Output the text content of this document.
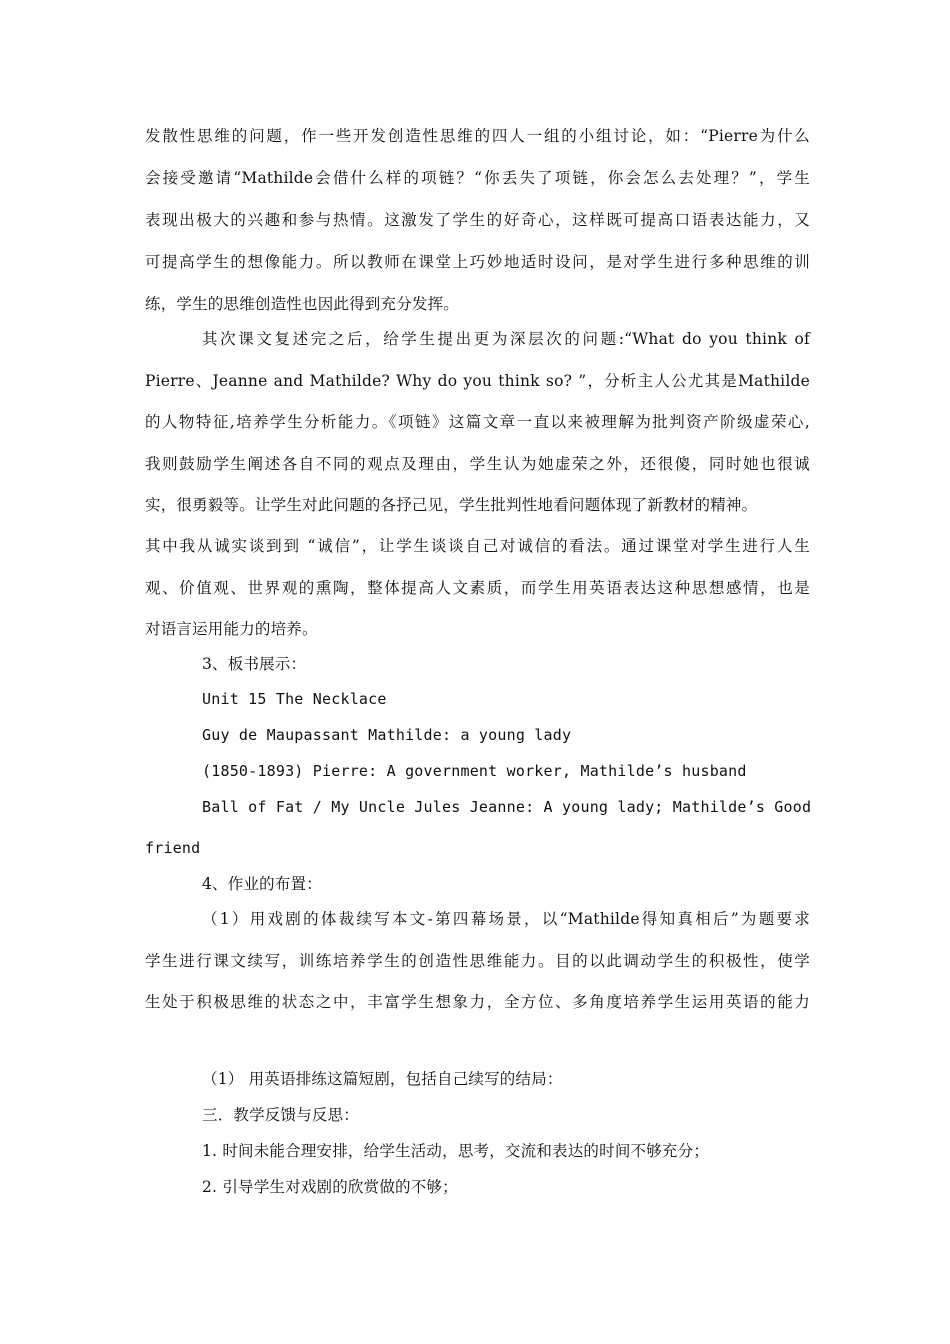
发散性思维的问题，作一些开发创造性思维的四人一组的小组讨论，如：“Pierre为什么
会接受邀请“Mathilde会借什么样的项链？“你丢失了项链，你会怎么去处理？”，学生
表现出极大的兴趣和参与热情。这激发了学生的好奇心，这样既可提高口语表达能力，又
可提高学生的想像能力。所以教师在课堂上巧妙地适时设问，是对学生进行多种思维的训
练，学生的思维创造性也因此得到充分发挥。
其次课文复述完之后，给学生提出更为深层次的问题:“What do you think of
Pierre、Jeanne and Mathilde? Why do you think so? ”，分析主人公尤其是Mathilde
的人物特征,培养学生分析能力。《项链》这篇文章一直以来被理解为批判资产阶级虚荣心,
我则鼓励学生阐述各自不同的观点及理由，学生认为她虚荣之外，还很傻，同时她也很诚
实，很勇毅等。让学生对此问题的各抒己见，学生批判性地看问题体现了新教材的精神。
其中我从诚实谈到到 “诚信”，让学生谈谈自己对诚信的看法。通过课堂对学生进行人生
观、价值观、世界观的熏陶，整体提高人文素质，而学生用英语表达这种思想感情，也是
对语言运用能力的培养。
3、板书展示：
Unit 15 The Necklace
Guy de Maupassant Mathilde: a young lady
(1850-1893) Pierre: A government worker, Mathilde’s husband
Ball of Fat / My Uncle Jules Jeanne: A young lady; Mathilde’s Good
friend
4、作业的布置：
（1）用戏剧的体裁续写本文-第四幕场景，以“Mathilde得知真相后”为题要求
学生进行课文续写，训练培养学生的创造性思维能力。目的以此调动学生的积极性，使学
生处于积极思维的状态之中，丰富学生想象力，全方位、多角度培养学生运用英语的能力
（1） 用英语排练这篇短剧，包括自己续写的结局：
三．教学反馈与反思：
1. 时间未能合理安排，给学生活动，思考，交流和表达的时间不够充分；
2. 引导学生对戏剧的欣赏做的不够；
